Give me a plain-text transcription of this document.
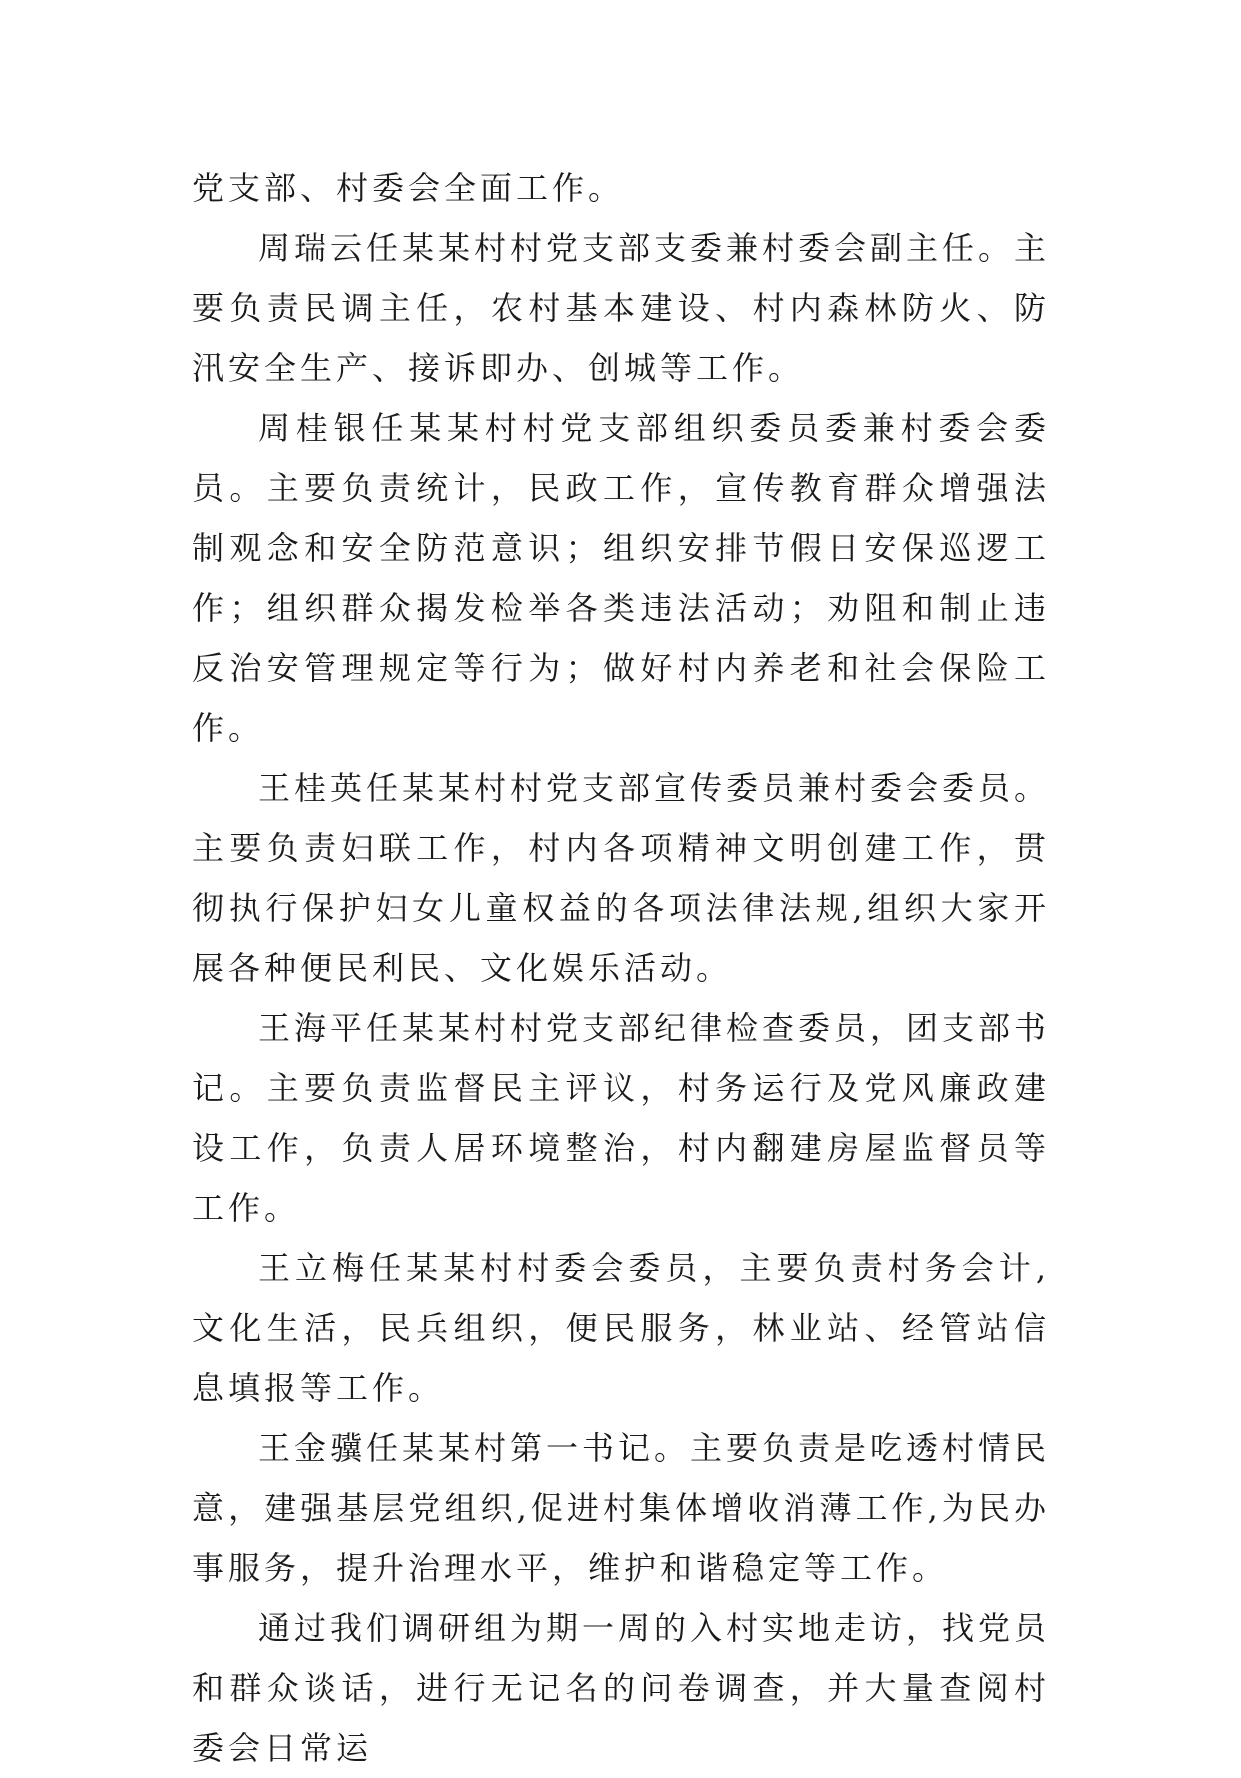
党支部、村委会全面工作。

周瑞云任某某村村党支部支委兼村委会副主任。主要负责民调主任，农村基本建设、村内森林防火、防汛安全生产、接诉即办、创城等工作。

周桂银任某某村村党支部组织委员委兼村委会委员。主要负责统计，民政工作，宣传教育群众增强法制观念和安全防范意识；组织安排节假日安保巡逻工作；组织群众揭发检举各类违法活动；劝阻和制止违反治安管理规定等行为；做好村内养老和社会保险工作。

王桂英任某某村村党支部宣传委员兼村委会委员。主要负责妇联工作，村内各项精神文明创建工作，贯彻执行保护妇女儿童权益的各项法律法规,组织大家开展各种便民利民、文化娱乐活动。

王海平任某某村村党支部纪律检查委员，团支部书记。主要负责监督民主评议，村务运行及党风廉政建设工作，负责人居环境整治，村内翻建房屋监督员等工作。

王立梅任某某村村委会委员，主要负责村务会计,文化生活，民兵组织，便民服务，林业站、经管站信息填报等工作。

王金骥任某某村第一书记。主要负责是吃透村情民意，建强基层党组织,促进村集体增收消薄工作,为民办事服务，提升治理水平，维护和谐稳定等工作。

通过我们调研组为期一周的入村实地走访，找党员和群众谈话，进行无记名的问卷调查，并大量查阅村委会日常运
